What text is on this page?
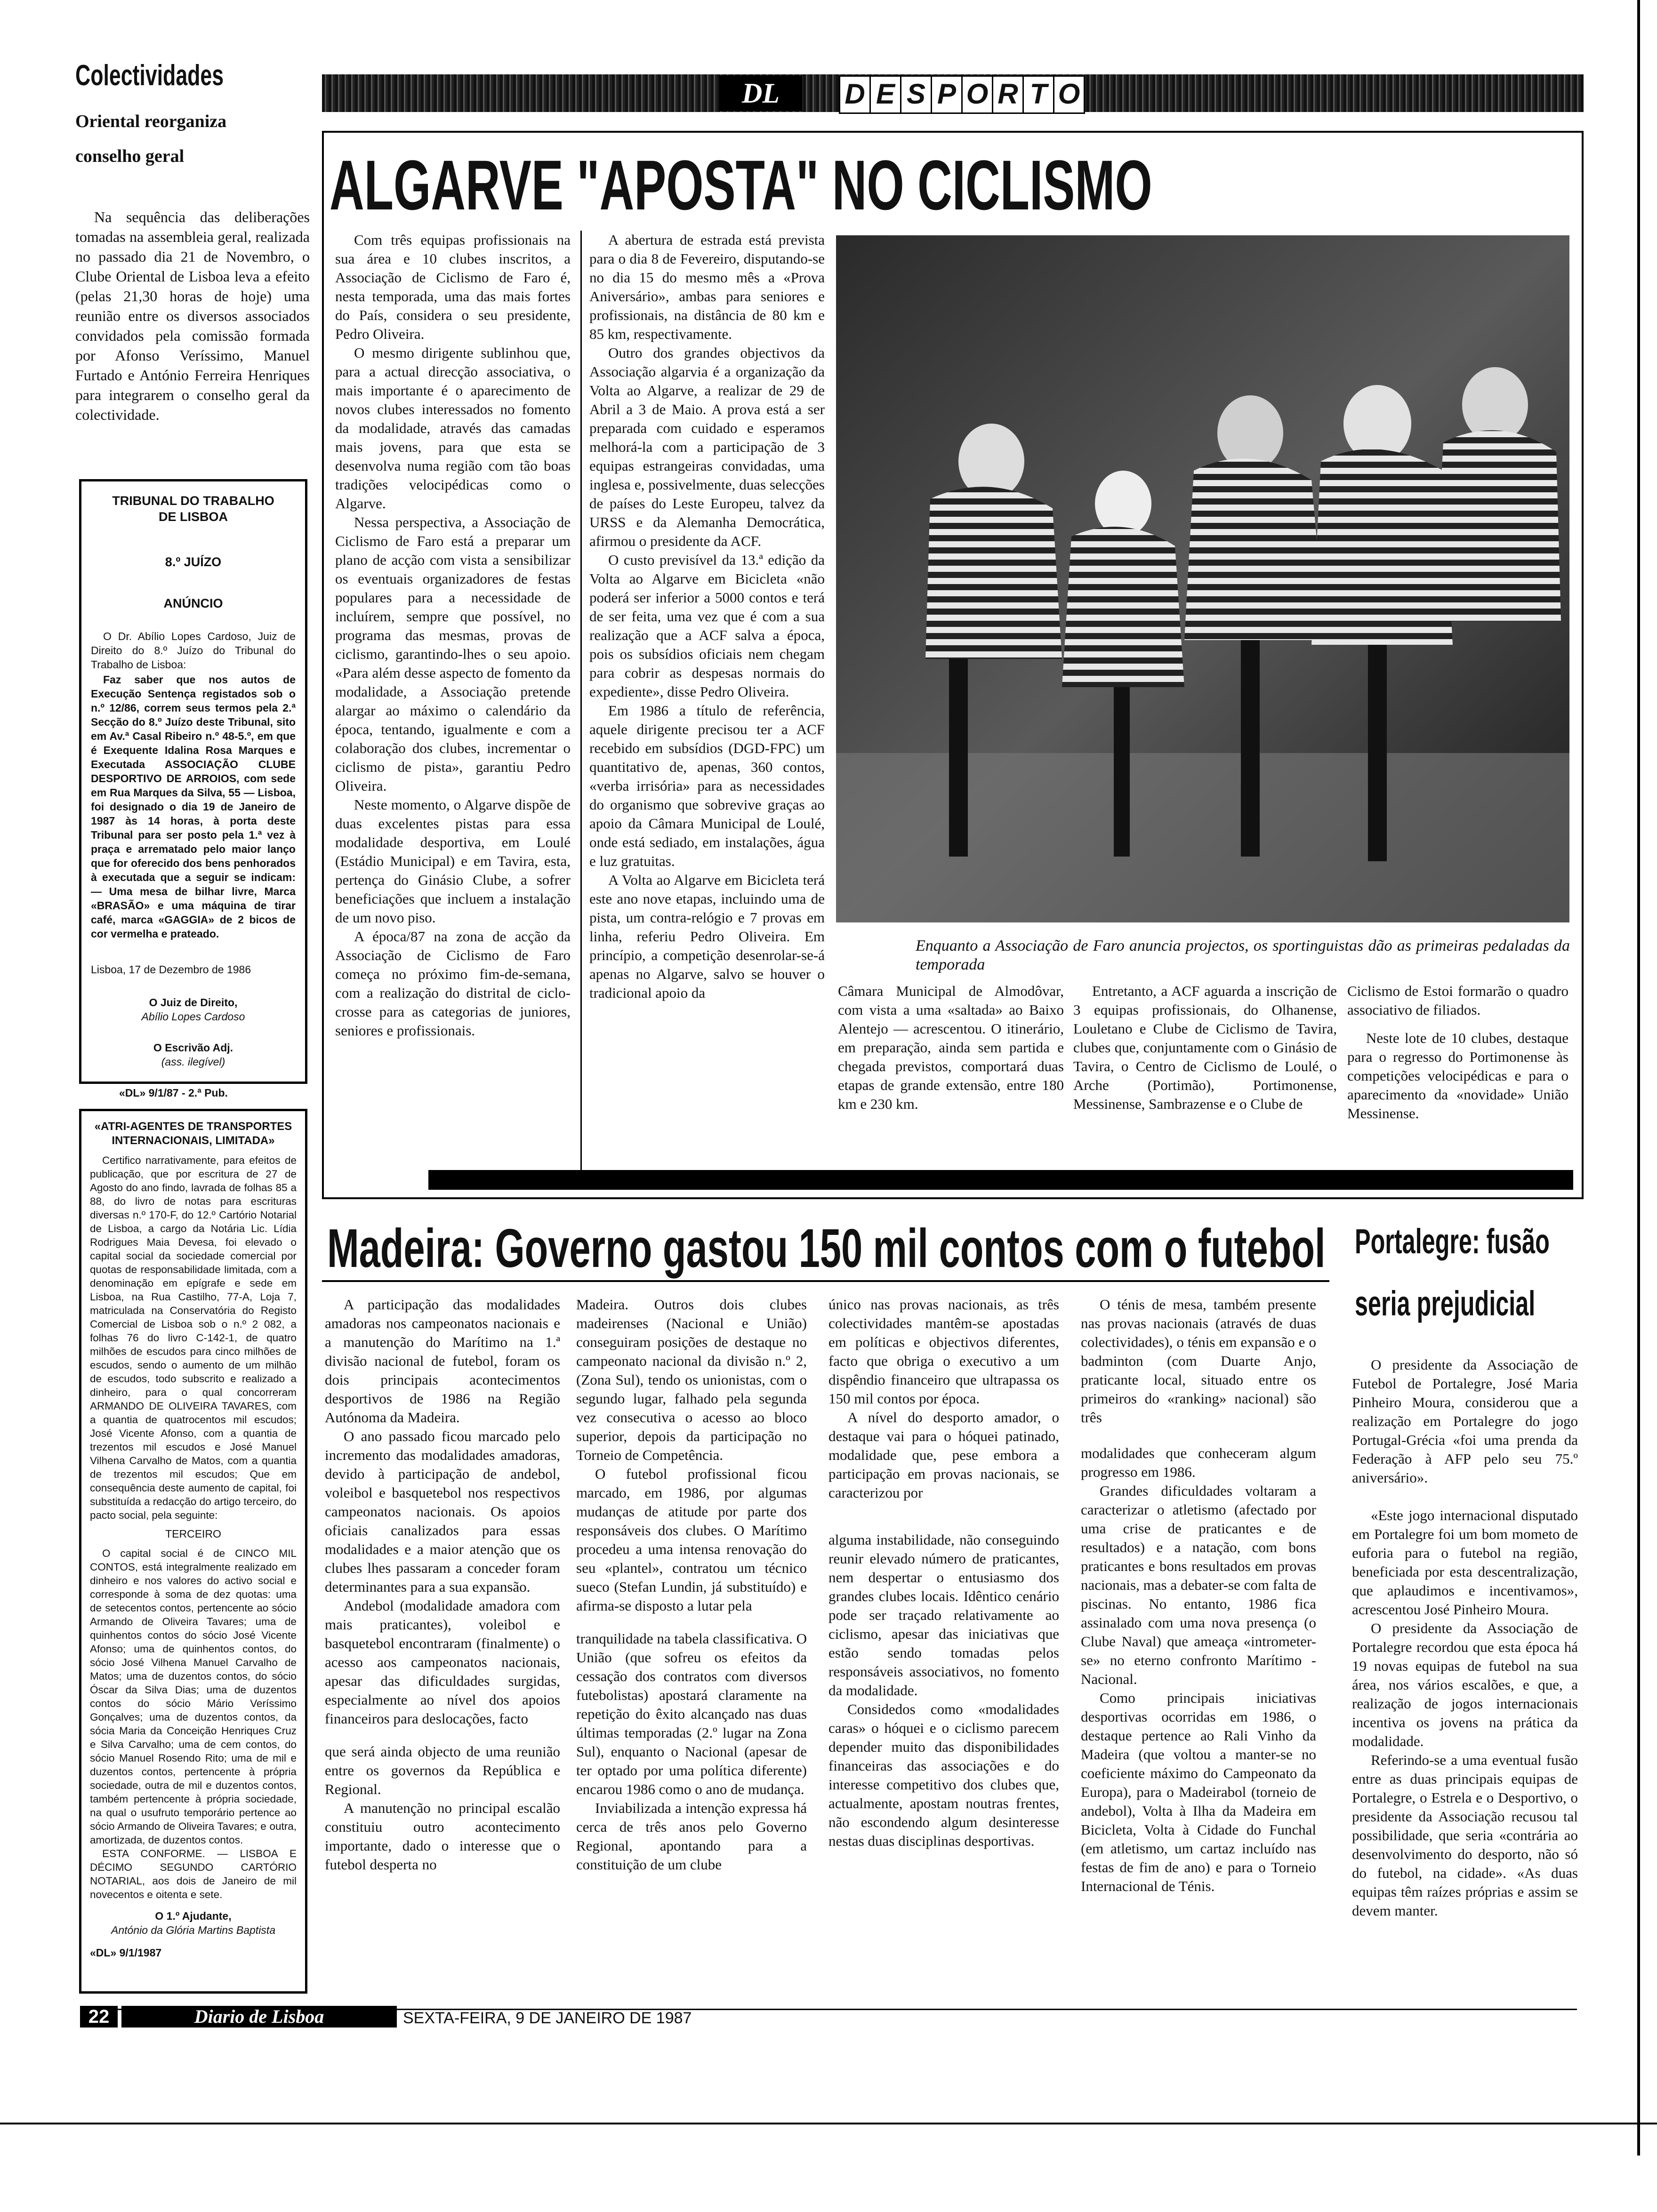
Colectividades
Oriental reorganiza
conselho geral

Na sequência das deliberações tomadas na assembleia geral, realizada no passado dia 21 de Novembro, o Clube Oriental de Lisboa leva a efeito (pelas 21,30 horas de hoje) uma reunião entre os diversos associados convidados pela comissão formada por Afonso Veríssimo, Manuel Furtado e António Ferreira Henriques para integrarem o conselho geral da colectividade.

TRIBUNAL DO TRABALHO DE LISBOA
8.º JUÍZO
ANÚNCIO

O Dr. Abílio Lopes Cardoso, Juiz de Direito do 8.º Juízo do Tribunal do Trabalho de Lisboa:

Faz saber que nos autos de Execução Sentença registados sob o n.º 12/86, correm seus termos pela 2.ª Secção do 8.º Juízo deste Tribunal, sito em Av.ª Casal Ribeiro n.º 48-5.º, em que é Exequente Idalina Rosa Marques e Executada ASSOCIAÇÃO CLUBE DESPORTIVO DE ARROIOS, com sede em Rua Marques da Silva, 55 — Lisboa, foi designado o dia 19 de Janeiro de 1987 às 14 horas, à porta deste Tribunal para ser posto pela 1.ª vez à praça e arrematado pelo maior lanço que for oferecido dos bens penhorados à executada que a seguir se indicam: — Uma mesa de bilhar livre, Marca «BRASÃO» e uma máquina de tirar café, marca «GAGGIA» de 2 bicos de cor vermelha e prateado.

Lisboa, 17 de Dezembro de 1986
O Juiz de Direito,
Abílio Lopes Cardoso
O Escrivão Adj.
(ass. ilegível)
«DL» 9/1/87 - 2.ª Pub.
«ATRI-AGENTES DE TRANSPORTES INTERNACIONAIS, LIMITADA»

Certifico narrativamente, para efeitos de publicação, que por escritura de 27 de Agosto do ano findo, lavrada de folhas 85 a 88, do livro de notas para escrituras diversas n.º 170-F, do 12.º Cartório Notarial de Lisboa, a cargo da Notária Lic. Lídia Rodrigues Maia Devesa, foi elevado o capital social da sociedade comercial por quotas de responsabilidade limitada, com a denominação em epígrafe e sede em Lisboa, na Rua Castilho, 77-A, Loja 7, matriculada na Conservatória do Registo Comercial de Lisboa sob o n.º 2 082, a folhas 76 do livro C-142-1, de quatro milhões de escudos para cinco milhões de escudos, sendo o aumento de um milhão de escudos, todo subscrito e realizado a dinheiro, para o qual concorreram ARMANDO DE OLIVEIRA TAVARES, com a quantia de quatrocentos mil escudos; José Vicente Afonso, com a quantia de trezentos mil escudos e José Manuel Vilhena Carvalho de Matos, com a quantia de trezentos mil escudos; Que em consequência deste aumento de capital, foi substituída a redacção do artigo terceiro, do pacto social, pela seguinte:

TERCEIRO

O capital social é de CINCO MIL CONTOS, está integralmente realizado em dinheiro e nos valores do activo social e corresponde à soma de dez quotas: uma de setecentos contos, pertencente ao sócio Armando de Oliveira Tavares; uma de quinhentos contos do sócio José Vicente Afonso; uma de quinhentos contos, do sócio José Vilhena Manuel Carvalho de Matos; uma de duzentos contos, do sócio Óscar da Silva Dias; uma de duzentos contos do sócio Mário Veríssimo Gonçalves; uma de duzentos contos, da sócia Maria da Conceição Henriques Cruz e Silva Carvalho; uma de cem contos, do sócio Manuel Rosendo Rito; uma de mil e duzentos contos, pertencente à própria sociedade, outra de mil e duzentos contos, também pertencente à própria sociedade, na qual o usufruto temporário pertence ao sócio Armando de Oliveira Tavares; e outra, amortizada, de duzentos contos.

ESTA CONFORME. — LISBOA E DÉCIMO SEGUNDO CARTÓRIO NOTARIAL, aos dois de Janeiro de mil novecentos e oitenta e sete.

O 1.º Ajudante,
António da Glória Martins Baptista
«DL» 9/1/1987
DL	D E S P O R T O
ALGARVE "APOSTA" NO CICLISMO

Com três equipas profissionais na sua área e 10 clubes inscritos, a Associação de Ciclismo de Faro é, nesta temporada, uma das mais fortes do País, considera o seu presidente, Pedro Oliveira.

O mesmo dirigente sublinhou que, para a actual direcção associativa, o mais importante é o aparecimento de novos clubes interessados no fomento da modalidade, através das camadas mais jovens, para que esta se desenvolva numa região com tão boas tradições velocipédicas como o Algarve.

Nessa perspectiva, a Associação de Ciclismo de Faro está a preparar um plano de acção com vista a sensibilizar os eventuais organizadores de festas populares para a necessidade de incluírem, sempre que possível, no programa das mesmas, provas de ciclismo, garantindo-lhes o seu apoio. «Para além desse aspecto de fomento da modalidade, a Associação pretende alargar ao máximo o calendário da época, tentando, igualmente e com a colaboração dos clubes, incrementar o ciclismo de pista», garantiu Pedro Oliveira.

Neste momento, o Algarve dispõe de duas excelentes pistas para essa modalidade desportiva, em Loulé (Estádio Municipal) e em Tavira, esta, pertença do Ginásio Clube, a sofrer beneficiações que incluem a instalação de um novo piso.

A época/87 na zona de acção da Associação de Ciclismo de Faro começa no próximo fim-de-semana, com a realização do distrital de ciclo-crosse para as categorias de juniores, seniores e profissionais.

A abertura de estrada está prevista para o dia 8 de Fevereiro, disputando-se no dia 15 do mesmo mês a «Prova Aniversário», ambas para seniores e profissionais, na distância de 80 km e 85 km, respectivamente.

Outro dos grandes objectivos da Associação algarvia é a organização da Volta ao Algarve, a realizar de 29 de Abril a 3 de Maio. A prova está a ser preparada com cuidado e esperamos melhorá-la com a participação de 3 equipas estrangeiras convidadas, uma inglesa e, possivelmente, duas selecções de países do Leste Europeu, talvez da URSS e da Alemanha Democrática, afirmou o presidente da ACF.

O custo previsível da 13.ª edição da Volta ao Algarve em Bicicleta «não poderá ser inferior a 5000 contos e terá de ser feita, uma vez que é com a sua realização que a ACF salva a época, pois os subsídios oficiais nem chegam para cobrir as despesas normais do expediente», disse Pedro Oliveira.

Em 1986 a título de referência, aquele dirigente precisou ter a ACF recebido em subsídios (DGD-FPC) um quantitativo de, apenas, 360 contos, «verba irrisória» para as necessidades do organismo que sobrevive graças ao apoio da Câmara Municipal de Loulé, onde está sediado, em instalações, água e luz gratuitas.

A Volta ao Algarve em Bicicleta terá este ano nove etapas, incluindo uma de pista, um contra-relógio e 7 provas em linha, referiu Pedro Oliveira. Em princípio, a competição desenrolar-se-á apenas no Algarve, salvo se houver o tradicional apoio da

Enquanto a Associação de Faro anuncia projectos, os sportinguistas dão as primeiras pedaladas da temporada

Câmara Municipal de Almodôvar, com vista a uma «saltada» ao Baixo Alentejo — acrescentou. O itinerário, em preparação, ainda sem partida e chegada previstos, comportará duas etapas de grande extensão, entre 180 km e 230 km.

Entretanto, a ACF aguarda a inscrição de 3 equipas profissionais, do Olhanense, Louletano e Clube de Ciclismo de Tavira, clubes que, conjuntamente com o Ginásio de Tavira, o Centro de Ciclismo de Loulé, o Arche (Portimão), Portimonense, Messinense, Sambrazense e o Clube de

Ciclismo de Estoi formarão o quadro associativo de filiados.

Neste lote de 10 clubes, destaque para o regresso do Portimonense às competições velocipédicas e para o aparecimento da «novidade» União Messinense.

Madeira: Governo gastou 150 mil contos com o futebol

A participação das modalidades amadoras nos campeonatos nacionais e a manutenção do Marítimo na 1.ª divisão nacional de futebol, foram os dois principais acontecimentos desportivos de 1986 na Região Autónoma da Madeira.

O ano passado ficou marcado pelo incremento das modalidades amadoras, devido à participação de andebol, voleibol e basquetebol nos respectivos campeonatos nacionais. Os apoios oficiais canalizados para essas modalidades e a maior atenção que os clubes lhes passaram a conceder foram determinantes para a sua expansão.

Andebol (modalidade amadora com mais praticantes), voleibol e basquetebol encontraram (finalmente) o acesso aos campeonatos nacionais, apesar das dificuldades surgidas, especialmente ao nível dos apoios financeiros para deslocações, facto

que será ainda objecto de uma reunião entre os governos da República e Regional.

A manutenção no principal escalão constituiu outro acontecimento importante, dado o interesse que o futebol desperta no

Madeira. Outros dois clubes madeirenses (Nacional e União) conseguiram posições de destaque no campeonato nacional da divisão n.º 2, (Zona Sul), tendo os unionistas, com o segundo lugar, falhado pela segunda vez consecutiva o acesso ao bloco superior, depois da participação no Torneio de Competência.

O futebol profissional ficou marcado, em 1986, por algumas mudanças de atitude por parte dos responsáveis dos clubes. O Marítimo procedeu a uma intensa renovação do seu «plantel», contratou um técnico sueco (Stefan Lundin, já substituído) e afirma-se disposto a lutar pela

tranquilidade na tabela classificativa. O União (que sofreu os efeitos da cessação dos contratos com diversos futebolistas) apostará claramente na repetição do êxito alcançado nas duas últimas temporadas (2.º lugar na Zona Sul), enquanto o Nacional (apesar de ter optado por uma política diferente) encarou 1986 como o ano de mudança.

Inviabilizada a intenção expressa há cerca de três anos pelo Governo Regional, apontando para a constituição de um clube

único nas provas nacionais, as três colectividades mantêm-se apostadas em políticas e objectivos diferentes, facto que obriga o executivo a um dispêndio financeiro que ultrapassa os 150 mil contos por época.

A nível do desporto amador, o destaque vai para o hóquei patinado, modalidade que, pese embora a participação em provas nacionais, se caracterizou por

alguma instabilidade, não conseguindo reunir elevado número de praticantes, nem despertar o entusiasmo dos grandes clubes locais. Idêntico cenário pode ser traçado relativamente ao ciclismo, apesar das iniciativas que estão sendo tomadas pelos responsáveis associativos, no fomento da modalidade.

Considedos como «modalidades caras» o hóquei e o ciclismo parecem depender muito das disponibilidades financeiras das associações e do interesse competitivo dos clubes que, actualmente, apostam noutras frentes, não escondendo algum desinteresse nestas duas disciplinas desportivas.

O ténis de mesa, também presente nas provas nacionais (através de duas colectividades), o ténis em expansão e o badminton (com Duarte Anjo, praticante local, situado entre os primeiros do «ranking» nacional) são três

modalidades que conheceram algum progresso em 1986.

Grandes dificuldades voltaram a caracterizar o atletismo (afectado por uma crise de praticantes e de resultados) e a natação, com bons praticantes e bons resultados em provas nacionais, mas a debater-se com falta de piscinas. No entanto, 1986 fica assinalado com uma nova presença (o Clube Naval) que ameaça «intrometer-se» no eterno confronto Marítimo - Nacional.

Como principais iniciativas desportivas ocorridas em 1986, o destaque pertence ao Rali Vinho da Madeira (que voltou a manter-se no coeficiente máximo do Campeonato da Europa), para o Madeirabol (torneio de andebol), Volta à Ilha da Madeira em Bicicleta, Volta à Cidade do Funchal (em atletismo, um cartaz incluído nas festas de fim de ano) e para o Torneio Internacional de Ténis.

Portalegre: fusão
seria prejudicial

O presidente da Associação de Futebol de Portalegre, José Maria Pinheiro Moura, considerou que a realização em Portalegre do jogo Portugal-Grécia «foi uma prenda da Federação à AFP pelo seu 75.º aniversário».

«Este jogo internacional disputado em Portalegre foi um bom mometo de euforia para o futebol na região, beneficiada por esta descentralização, que aplaudimos e incentivamos», acrescentou José Pinheiro Moura.

O presidente da Associação de Portalegre recordou que esta época há 19 novas equipas de futebol na sua área, nos vários escalões, e que, a realização de jogos internacionais incentiva os jovens na prática da modalidade.

Referindo-se a uma eventual fusão entre as duas principais equipas de Portalegre, o Estrela e o Desportivo, o presidente da Associação recusou tal possibilidade, que seria «contrária ao desenvolvimento do desporto, não só do futebol, na cidade». «As duas equipas têm raízes próprias e assim se devem manter.

22	Diario de Lisboa	SEXTA-FEIRA, 9 DE JANEIRO DE 1987
